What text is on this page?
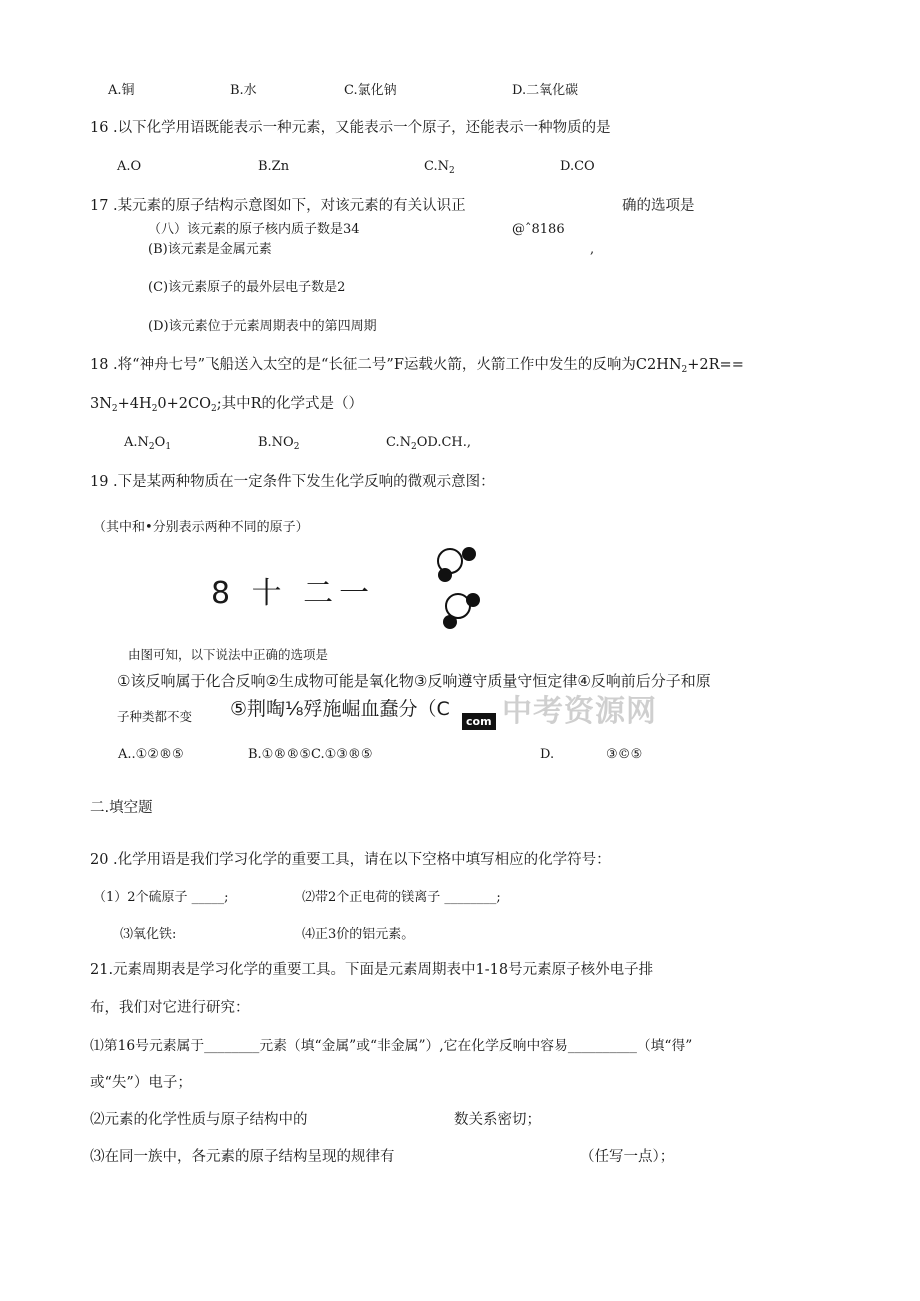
A.铜	B.水	C.氯化钠	D.二氧化碳
16 .以下化学用语既能表示一种元素，又能表示一个原子，还能表示一种物质的是
A.O	B.Zn	$C.N_2$	D.CO
17 .某元素的原子结构示意图如下，对该元素的有关认识正	确的选项是
（八）该元素的原子核内质子数是34	@ˆ8186
(B)该元素是金属元素	,
(C)该元素原子的最外层电子数是2
(D)该元素位于元素周期表中的第四周期
18 .将“神舟七号”飞船送入太空的是“长征二号”F运载火箭，火箭工作中发生的反响为$C2HN_2+2R==$
$3N_2+4H_20+2CO_2$;其中R的化学式是（）
$A.N_2O_1$	$B.NO_2$	$C.N_2OD.CH$.,
19 .下是某两种物质在一定条件下发生化学反响的微观示意图：
（其中和•分别表示两种不同的原子）
8 十 二一
由图可知，以下说法中正确的选项是
①该反响属于化合反响②生成物可能是氧化物③反响遵守质量守恒定律④反响前后分子和原
子种类都不变 ⑤荆啕⅛殍施崛血蠢分（C
com 中考资源网
A..①②®⑤	B.①®®⑤C.①③®⑤	D.	③©⑤
二.填空题
20 .化学用语是我们学习化学的重要工具，请在以下空格中填写相应的化学符号：
（1）2个硫原子 _____;	⑵带2个正电荷的镁离子 ________;
⑶氧化铁:	⑷正3价的铝元素。
21.元素周期表是学习化学的重要工具。下面是元素周期表中1-18号元素原子核外电子排
布，我们对它进行研究：
⑴第16号元素属于________元素（填“金属”或“非金属”）,它在化学反响中容易__________（填“得”
或“失”）电子；
⑵元素的化学性质与原子结构中的	数关系密切；
⑶在同一族中，各元素的原子结构呈现的规律有	（任写一点）；
